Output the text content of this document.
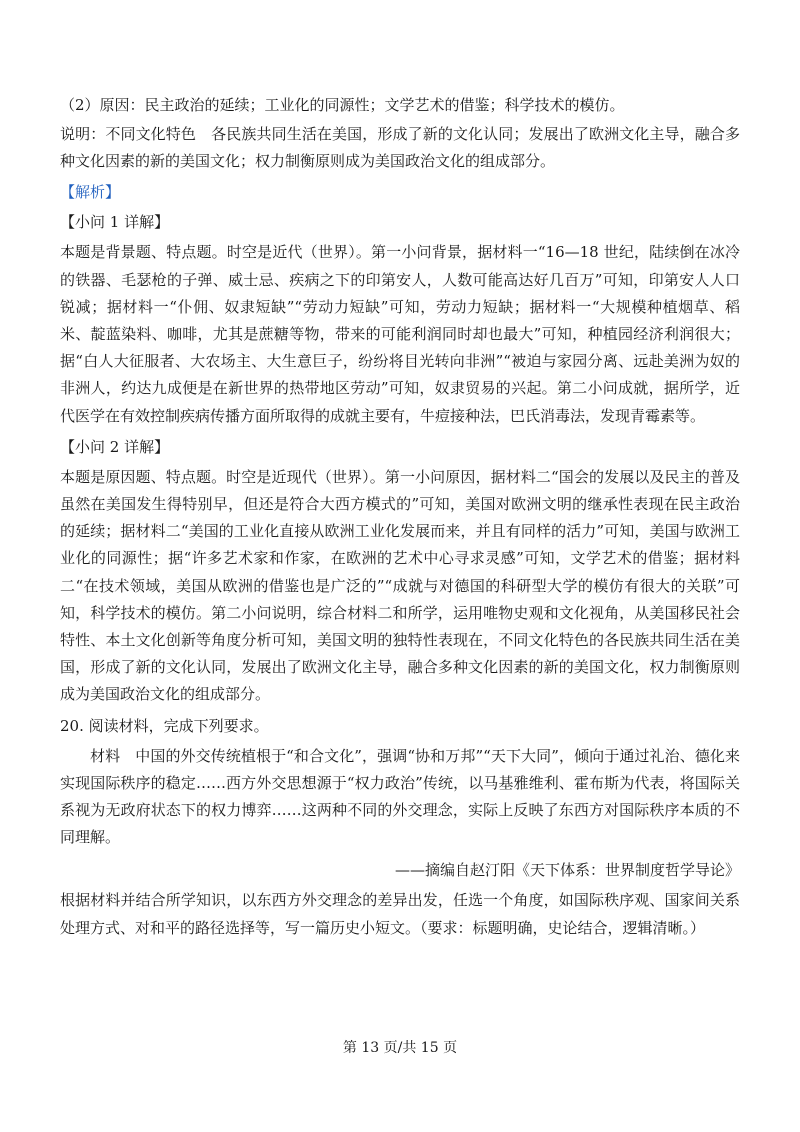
（2）原因：民主政治的延续；工业化的同源性；文学艺术的借鉴；科学技术的模仿。

说明：不同文化特色　各民族共同生活在美国，形成了新的文化认同；发展出了欧洲文化主导，融合多种文化因素的新的美国文化；权力制衡原则成为美国政治文化的组成部分。

【解析】

【小问 1 详解】

本题是背景题、特点题。时空是近代（世界）。第一小问背景，据材料一“16—18 世纪，陆续倒在冰冷的铁器、毛瑟枪的子弹、威士忌、疾病之下的印第安人，人数可能高达好几百万”可知，印第安人人口锐减；据材料一“仆佣、奴隶短缺”“劳动力短缺”可知，劳动力短缺；据材料一“大规模种植烟草、稻米、靛蓝染料、咖啡，尤其是蔗糖等物，带来的可能利润同时却也最大”可知，种植园经济利润很大；据“白人大征服者、大农场主、大生意巨子，纷纷将目光转向非洲”“被迫与家园分离、远赴美洲为奴的非洲人，约达九成便是在新世界的热带地区劳动”可知，奴隶贸易的兴起。第二小问成就，据所学，近代医学在有效控制疾病传播方面所取得的成就主要有，牛痘接种法，巴氏消毒法，发现青霉素等。

【小问 2 详解】

本题是原因题、特点题。时空是近现代（世界）。第一小问原因，据材料二“国会的发展以及民主的普及虽然在美国发生得特别早，但还是符合大西方模式的”可知，美国对欧洲文明的继承性表现在民主政治的延续；据材料二“美国的工业化直接从欧洲工业化发展而来，并且有同样的活力”可知，美国与欧洲工业化的同源性；据“许多艺术家和作家，在欧洲的艺术中心寻求灵感”可知，文学艺术的借鉴；据材料二“在技术领域，美国从欧洲的借鉴也是广泛的”“成就与对德国的科研型大学的模仿有很大的关联”可知，科学技术的模仿。第二小问说明，综合材料二和所学，运用唯物史观和文化视角，从美国移民社会特性、本土文化创新等角度分析可知，美国文明的独特性表现在，不同文化特色的各民族共同生活在美国，形成了新的文化认同，发展出了欧洲文化主导，融合多种文化因素的新的美国文化，权力制衡原则成为美国政治文化的组成部分。

20. 阅读材料，完成下列要求。

材料　中国的外交传统植根于“和合文化”，强调“协和万邦”“天下大同”，倾向于通过礼治、德化来实现国际秩序的稳定……西方外交思想源于“权力政治”传统，以马基雅维利、霍布斯为代表，将国际关系视为无政府状态下的权力博弈……这两种不同的外交理念，实际上反映了东西方对国际秩序本质的不同理解。

——摘编自赵汀阳《天下体系：世界制度哲学导论》

根据材料并结合所学知识，以东西方外交理念的差异出发，任选一个角度，如国际秩序观、国家间关系处理方式、对和平的路径选择等，写一篇历史小短文。（要求：标题明确，史论结合，逻辑清晰。）

第 13 页/共 15 页
